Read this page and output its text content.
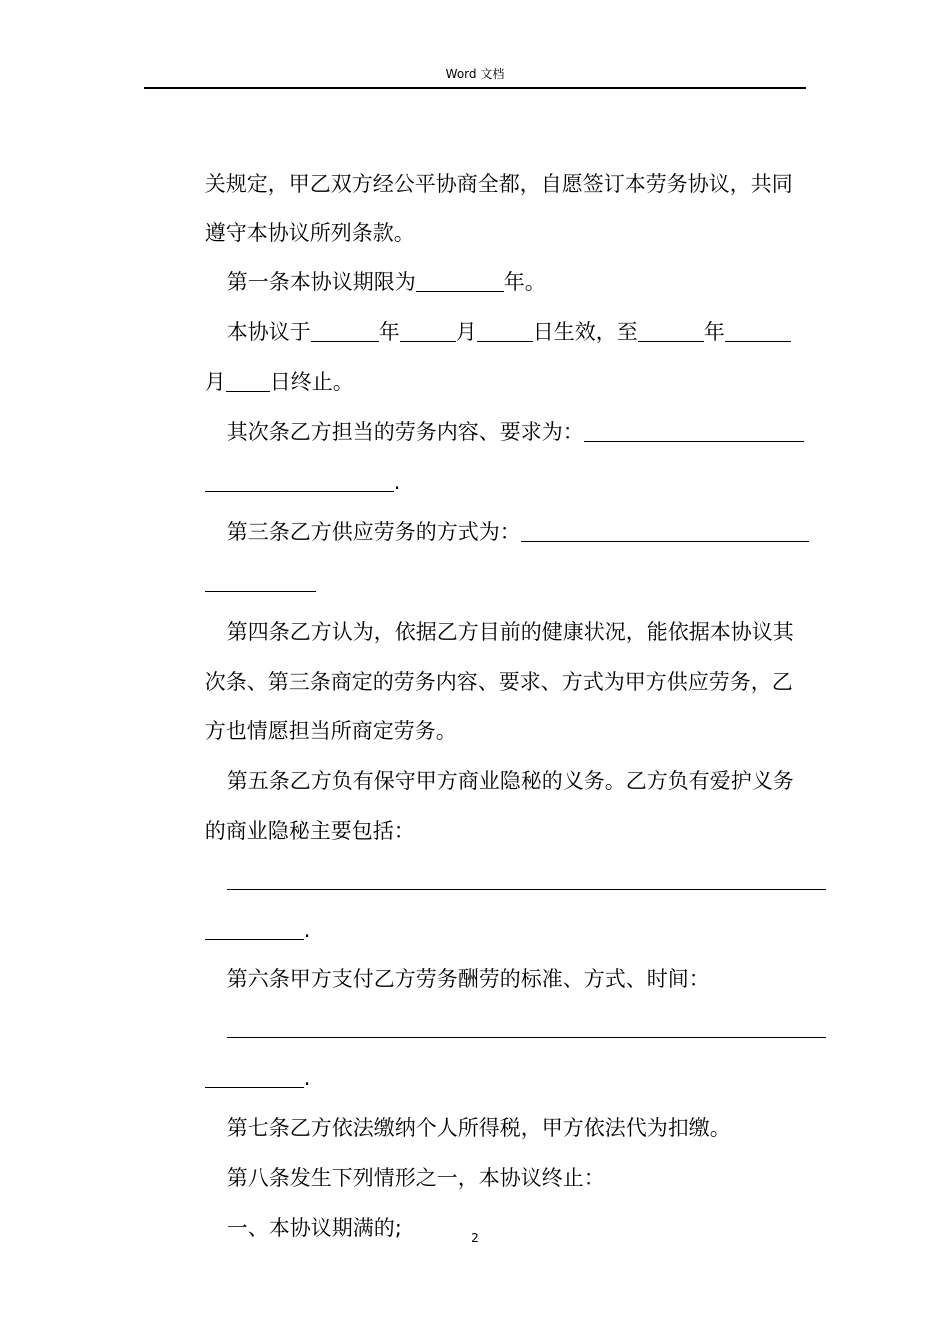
Word 文档

关规定，甲乙双方经公平协商全都，自愿签订本劳务协议，共同

遵守本协议所列条款。

第一条本协议期限为	年。

本协议于	年	月	日生效，至	年

月 日终止。

其次条乙方担当的劳务内容、要求为：

.

第三条乙方供应劳务的方式为：

第四条乙方认为，依据乙方目前的健康状况，能依据本协议其

次条、第三条商定的劳务内容、要求、方式为甲方供应劳务，乙

方也情愿担当所商定劳务。

第五条乙方负有保守甲方商业隐秘的义务。乙方负有爱护义务

的商业隐秘主要包括：

.

第六条甲方支付乙方劳务酬劳的标准、方式、时间：

.

第七条乙方依法缴纳个人所得税，甲方依法代为扣缴。

第八条发生下列情形之一，本协议终止：

一、本协议期满的;
	2
